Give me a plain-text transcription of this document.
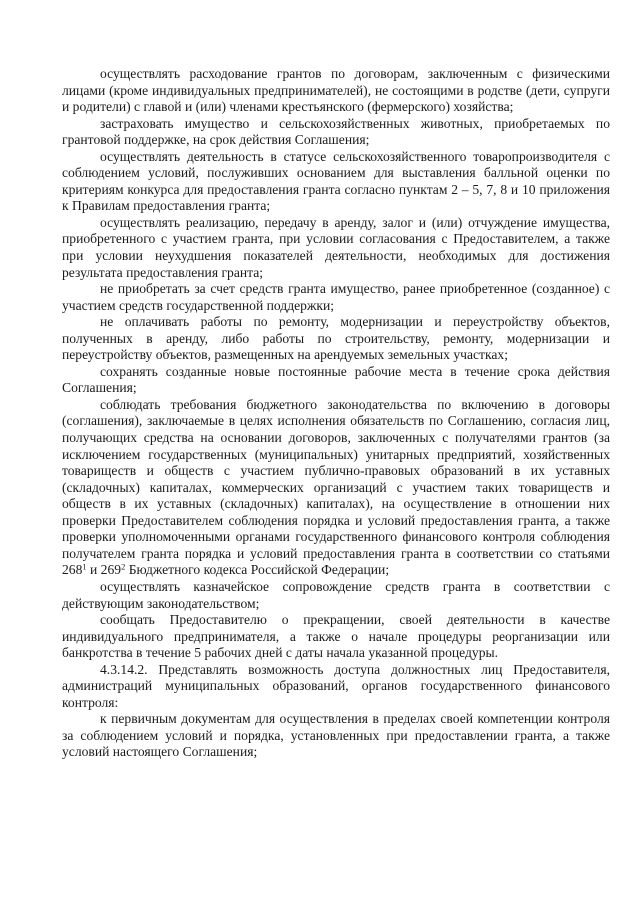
осуществлять расходование грантов по договорам, заключенным с физическими лицами (кроме индивидуальных предпринимателей), не состоящими в родстве (дети, супруги и родители) с главой и (или) членами крестьянского (фермерского) хозяйства;

застраховать имущество и сельскохозяйственных животных, приобретаемых по грантовой поддержке, на срок действия Соглашения;

осуществлять деятельность в статусе сельскохозяйственного товаропроизводителя с соблюдением условий, послуживших основанием для выставления балльной оценки по критериям конкурса для предоставления гранта согласно пунктам 2 – 5, 7, 8 и 10 приложения к Правилам предоставления гранта;

осуществлять реализацию, передачу в аренду, залог и (или) отчуждение имущества, приобретенного с участием гранта, при условии согласования с Предоставителем, а также при условии неухудшения показателей деятельности, необходимых для достижения результата предоставления гранта;

не приобретать за счет средств гранта имущество, ранее приобретенное (созданное) с участием средств государственной поддержки;

не оплачивать работы по ремонту, модернизации и переустройству объектов, полученных в аренду, либо работы по строительству, ремонту, модернизации и переустройству объектов, размещенных на арендуемых земельных участках;

сохранять созданные новые постоянные рабочие места в течение срока действия Соглашения;

соблюдать требования бюджетного законодательства по включению в договоры (соглашения), заключаемые в целях исполнения обязательств по Соглашению, согласия лиц, получающих средства на основании договоров, заключенных с получателями грантов (за исключением государственных (муниципальных) унитарных предприятий, хозяйственных товариществ и обществ с участием публично-правовых образований в их уставных (складочных) капиталах, коммерческих организаций с участием таких товариществ и обществ в их уставных (складочных) капиталах), на осуществление в отношении них проверки Предоставителем соблюдения порядка и условий предоставления гранта, а также проверки уполномоченными органами государственного финансового контроля соблюдения получателем гранта порядка и условий предоставления гранта в соответствии со статьями $268^1$ и $269^2$ Бюджетного кодекса Российской Федерации;

осуществлять казначейское сопровождение средств гранта в соответствии с действующим законодательством;

сообщать Предоставителю о прекращении, своей деятельности в качестве индивидуального предпринимателя, а также о начале процедуры реорганизации или банкротства в течение 5 рабочих дней с даты начала указанной процедуры.

4.3.14.2. Представлять возможность доступа должностных лиц Предоставителя, администраций муниципальных образований, органов государственного финансового контроля:

к первичным документам для осуществления в пределах своей компетенции контроля за соблюдением условий и порядка, установленных при предоставлении гранта, а также условий настоящего Соглашения;
